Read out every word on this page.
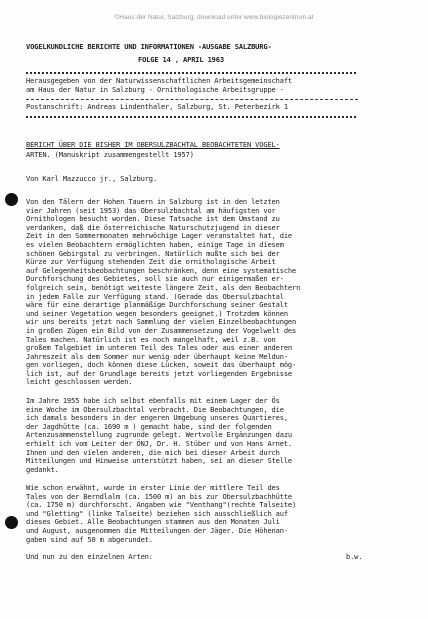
©Haus der Natur, Salzburg; download unter www.biologiezentrum.at
VOGELKUNDLICHE BERICHTE UND INFORMATIONEN -AUSGABE SALZBURG-
FOLGE 14 , APRIL 1963
Herausgegeben von der Naturwissenschaftlichen Arbeitsgemeinschaft
am Haus der Natur in Salzburg - Ornithologische Arbeitsgruppe -
Postanschrift: Andreas Lindenthaler, Salzburg, St. Peterbezirk 1
BERICHT ÜBER DIE BISHER IM OBERSULZBACHTAL BEOBACHTETEN VOGEL-
ARTEN. (Manuskript zusammengestellt 1957)
Von Karl Mazzucco jr., Salzburg.
Von den Tälern der Hohen Tauern in Salzburg ist in den letzten
vier Jahren (seit 1953) das Obersulzbachtal am häufigsten vor
Ornithologen besucht worden. Diese Tatsache ist dem Umstand zu
verdanken, daß die österreichische Naturschutzjugend in dieser
Zeit in den Sommermonaten mehrwöchige Lager veranstaltet hat, die
es vielen Beobachtern ermöglichten haben, einige Tage in diesem
schönen Gebirgstal zu verbringen. Natürlich mußte sich bei der
Kürze zur Verfügung stehenden Zeit die ornithologische Arbeit
auf Gelegenheitsbeobachtungen beschränken, denn eine systematische
Durchforschung des Gebietes, soll sie auch nur einigermaßen er-
folgreich sein, benötigt weiteste längere Zeit, als den Beobachtern
in jedem Falle zur Verfügung stand. (Gerade das Obersulzbachtal
wäre für eine derartige planmäßige Durchforschung seiner Gestalt
und seiner Vegetation wegen besonders geeignet.) Trotzdem können
wir uns bereits jetzt nach Sammlung der vielen Einzelbeobachtungen
in großen Zügen ein Bild von der Zusammensetzung der Vogelwelt des
Tales machen. Natürlich ist es noch mangelhaft, weil z.B. von
großem Talgebiet im unteren Teil des Tales oder aus einer anderen
Jahreszeit als dem Sommer nur wenig oder überhaupt keine Meldun-
gen vorliegen, doch können diese Lücken, soweit das überhaupt mög-
lich ist, auf der Grundlage bereits jetzt vorliegenden Ergebnisse
leicht geschlossen werden.
Im Jahre 1955 habe ich selbst ebenfalls mit einem Lager der Ös
eine Woche im Obersulzbachtal verbracht. Die Beobachtungen, die
ich damals besonders in der engeren Umgebung unseres Quartieres,
der Jagdhütte (ca. 1690 m ) gemacht habe, sind der folgenden
Artenzusammenstellung zugrunde gelegt. Wertvolle Ergänzungen dazu
erhielt ich vom Leiter der ÖNJ, Dr. H. Stüber und von Hans Arnet.
Ihnen und den vielen anderen, die mich bei dieser Arbeit durch
Mitteilungen und Hinweise unterstützt haben, sei an dieser Stelle
gedankt.
Wie schon erwähnt, wurde in erster Linie der mittlere Teil des
Tales von der Berndlalm (ca. 1500 m) an bis zur Obersulzbachhütte
(ca. 1750 m) durchforscht. Angaben wie "Venthang"(rechte Talseite)
und "Gletting" (linke Talseite) beziehen sich ausschließlich auf
dieses Gebiet. Alle Beobachtungen stammen aus den Monaten Juli
und August, ausgenommen die Mitteilungen der Jäger. Die Höhenan-
gaben sind auf 50 m abgerundet.
Und nun zu den einzelnen Arten:	b.w.
